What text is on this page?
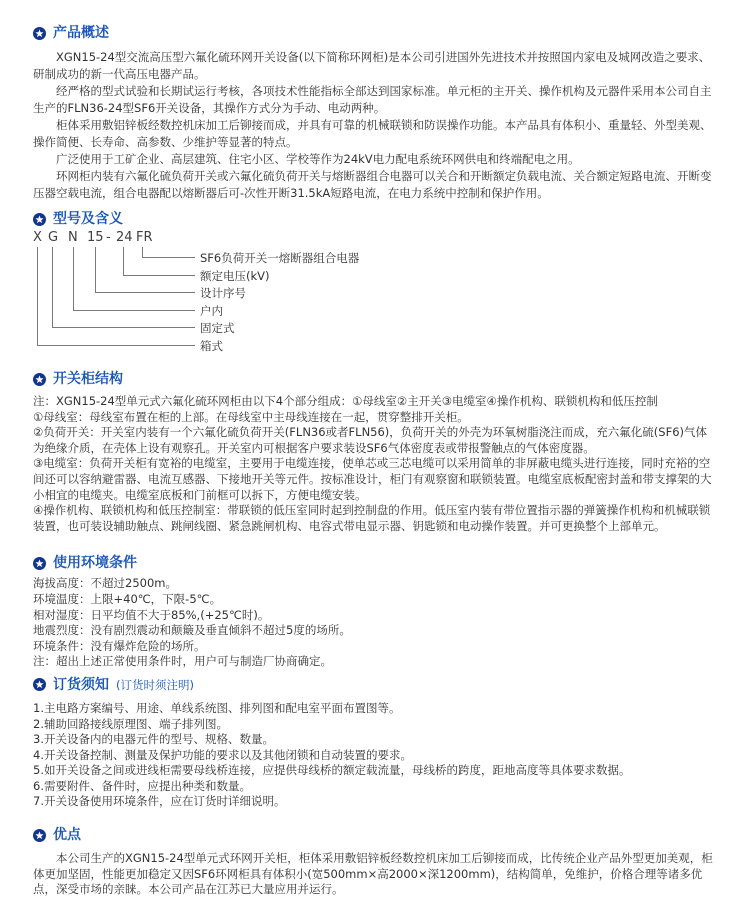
产品概述

XGN15-24型交流高压型六氟化硫环网开关设备(以下简称环网柜)是本公司引进国外先进技术并按照国内家电及城网改造之要求、研制成功的新一代高压电器产品。

经严格的型式试验和长期试运行考核，各项技术性能指标全部达到国家标准。单元柜的主开关、操作机构及元器件采用本公司自主生产的FLN36-24型SF6开关设备，其操作方式分为手动、电动两种。

柜体采用敷铝锌板经数控机床加工后铆接而成，并具有可靠的机械联锁和防误操作功能。本产品具有体积小、重量轻、外型美观、操作简便、长寿命、高参数、少维护等显著的特点。

广泛使用于工矿企业、高层建筑、住宅小区、学校等作为24kV电力配电系统环网供电和终端配电之用。

环网柜内装有六氟化硫负荷开关或六氟化硫负荷开关与熔断器组合电器可以关合和开断额定负载电流、关合额定短路电流、开断变压器空载电流，组合电器配以熔断器后可-次性开断31.5kA短路电流，在电力系统中控制和保护作用。

型号及含义
X G N 15 - 24 FR
SF6负荷开关一熔断器组合电器
额定电压(kV)
设计序号
户内
固定式
箱式
开关柜结构

注：XGN15-24型单元式六氟化硫环网柜由以下4个部分组成：①母线室②主开关③电缆室④操作机构、联锁机构和低压控制

①母线室：母线室布置在柜的上部。在母线室中主母线连接在一起，贯穿整排开关柜。

②负荷开关：开关室内装有一个六氟化硫负荷开关(FLN36或者FLN56)，负荷开关的外壳为环氧树脂浇注而成，充六氟化硫(SF6)气体为绝缘介质，在壳体上设有观察孔。开关室内可根据客户要求装设SF6气体密度表或带报警触点的气体密度器。

③电缆室：负荷开关柜有宽裕的电缆室，主要用于电缆连接，使单芯或三芯电缆可以采用简单的非屏蔽电缆头进行连接，同时充裕的空间还可以容纳避雷器、电流互感器、下接地开关等元件。按标准设计，柜门有观察窗和联锁装置。电缆室底板配密封盖和带支撑架的大小相宜的电缆夹。电缆室底板和门前框可以拆下，方便电缆安装。

④操作机构、联锁机构和低压控制室：带联锁的低压室同时起到控制盘的作用。低压室内装有带位置指示器的弹簧操作机构和机械联锁装置，也可装设辅助触点、跳闸线圈、紧急跳闸机构、电容式带电显示器、钥匙锁和电动操作装置。并可更换整个上部单元。

使用环境条件
海拔高度：不超过2500m。
环境温度：上限+40℃，下限-5℃。
相对湿度：日平均值不大于85%,(+25℃时)。
地震烈度：没有剧烈震动和颠簸及垂直倾斜不超过5度的场所。
环境条件：没有爆炸危险的场所。
注：超出上述正常使用条件时，用户可与制造厂协商确定。
订货须知 (订货时须注明)
1.主电路方案编号、用途、单线系统图、排列图和配电室平面布置图等。
2.辅助回路接线原理图、端子排列图。
3.开关设备内的电器元件的型号、规格、数量。
4.开关设备控制、测量及保护功能的要求以及其他闭锁和自动装置的要求。
5.如开关设备之间或进线柜需要母线桥连接，应提供母线桥的额定载流量，母线桥的跨度，距地高度等具体要求数据。
6.需要附件、备件时，应提出种类和数量。
7.开关设备使用环境条件，应在订货时详细说明。
优点

本公司生产的XGN15-24型单元式环网开关柜，柜体采用敷铝锌板经数控机床加工后铆接而成，比传统企业产品外型更加美观，柜体更加坚固，性能更加稳定又因SF6环网柜具有体积小(宽500mm×高2000×深1200mm)，结构简单，免维护，价格合理等诸多优点，深受市场的亲睐。本公司产品在江苏已大量应用并运行。
